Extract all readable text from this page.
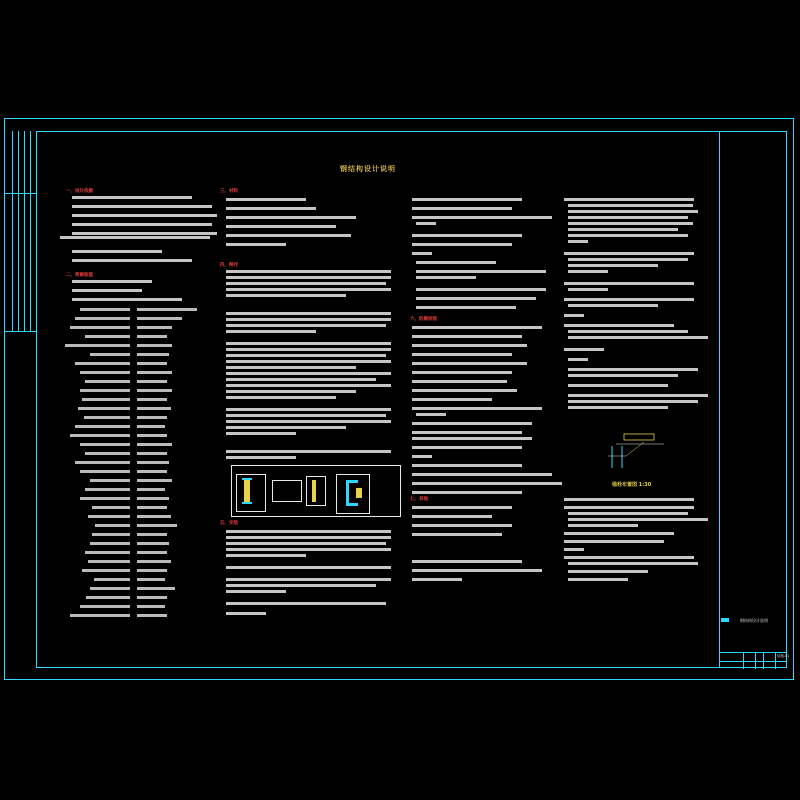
钢结构设计说明
结施-01
钢结构设计说明
一、设计依据
二、荷载取值
三、材料
四、制作
五、安装
六、防腐涂装
七、其他
锚栓布置图 1:30
